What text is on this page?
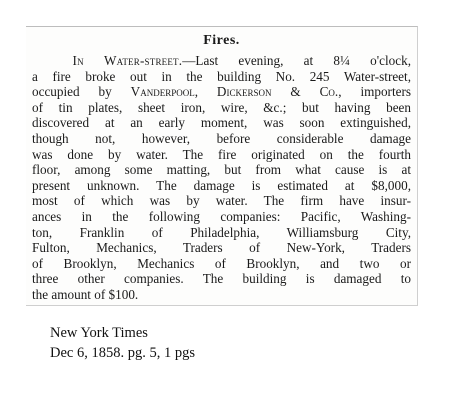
Fires.
In Water-street.—Last evening, at 8¼ o'clock,
a fire broke out in the building No. 245 Water-street,
occupied by Vanderpool, Dickerson & Co., importers
of tin plates, sheet iron, wire, &c.; but having been
discovered at an early moment, was soon extinguished,
though not, however, before considerable damage
was done by water. The fire originated on the fourth
floor, among some matting, but from what cause is at
present unknown. The damage is estimated at $8,000,
most of which was by water. The firm have insur-
ances in the following companies: Pacific, Washing-
ton, Franklin of Philadelphia, Williamsburg City,
Fulton, Mechanics, Traders of New-York, Traders
of Brooklyn, Mechanics of Brooklyn, and two or
three other companies. The building is damaged to
the amount of $100.
New York Times
Dec 6, 1858. pg. 5, 1 pgs
